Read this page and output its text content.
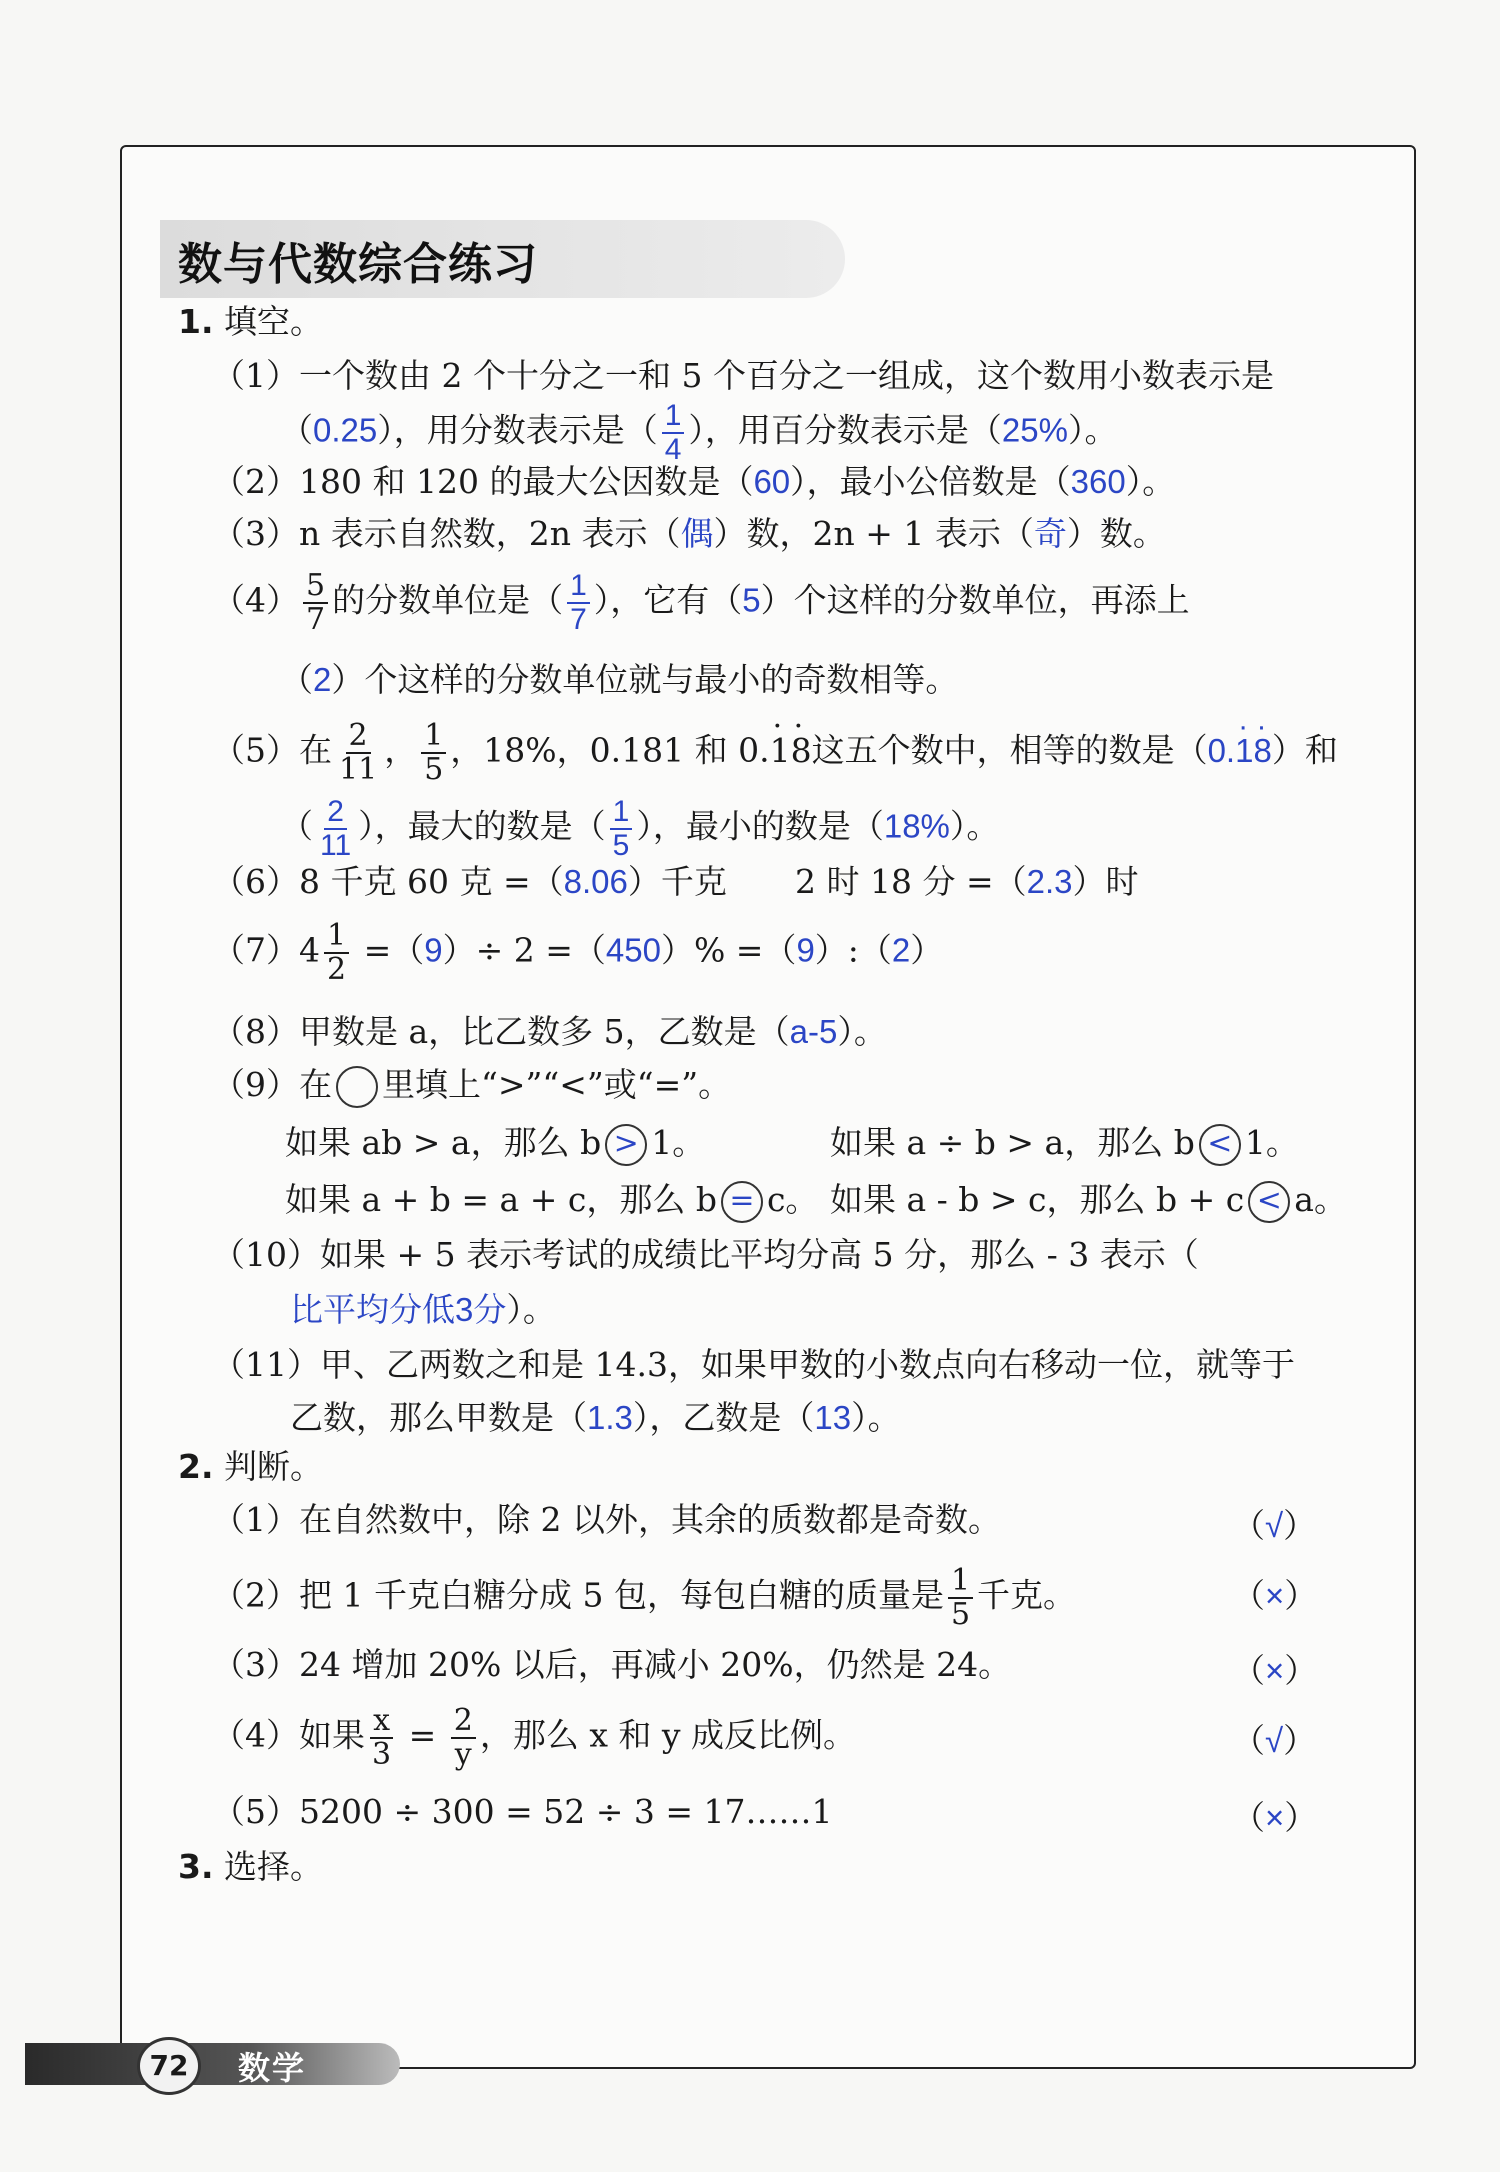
数与代数综合练习
1. 填空。
（1）一个数由 2 个十分之一和 5 个百分之一组成，这个数用小数表示是
（0.25），用分数表示是（ $\frac{1}{4}$ ），用百分数表示是（25%）。
（2）180 和 120 的最大公因数是（60），最小公倍数是（360）。
（3）n 表示自然数，2n 表示（偶）数，2n + 1 表示（奇）数。
$(4) \frac{5}{7}$ 的分数单位是（ $\frac{1}{7}$ ），它有（5）个这样的分数单位，再添上
（2）个这样的分数单位就与最小的奇数相等。
（5）在 $\frac{2}{11}$ ， $\frac{1}{5}$ ，18%，0.181 和 0.· 1· 8这五个数中，相等的数是（0.· 1· 8）和
（ $\frac{2}{11}$ ），最大的数是（ $\frac{1}{5}$ ），最小的数是（18%）。
（6）8 千克 60 克 =（8.06）千克 2 时 18 分 =（2.3）时
$(7)4 \frac{1}{2} =(9)\div 2 =(450)\%$ =（9）:（2）
（8）甲数是 a，比乙数多 5，乙数是（a-5）。
（9）在 里填上“>”“<”或“=”。
如果 ab > a，那么 b > 1。	如果 a ÷ b > a，那么 b < 1。
如果 a + b = a + c，那么 b = c。 如果 a - b > c，那么 b + c < a。
（10）如果 + 5 表示考试的成绩比平均分高 5 分，那么 - 3 表示（
比平均分低3分）。
（11）甲、乙两数之和是 14.3，如果甲数的小数点向右移动一位，就等于
乙数，那么甲数是（1.3），乙数是（13）。
2. 判断。
（1）在自然数中，除 2 以外，其余的质数都是奇数。	（√）
（2）把 1 千克白糖分成 5 包，每包白糖的质量是 $\frac{1}{5}$ 千克。	（×）
（3）24 增加 20% 以后，再减小 20%，仍然是 24。	（×）
（4）如果 $\frac{x}{3} = \frac{2}{y}$ ，那么 x 和 y 成反比例。	（√）
（5）5200 ÷ 300 = 52 ÷ 3 = 17……1	（×）
3. 选择。
72	数学
